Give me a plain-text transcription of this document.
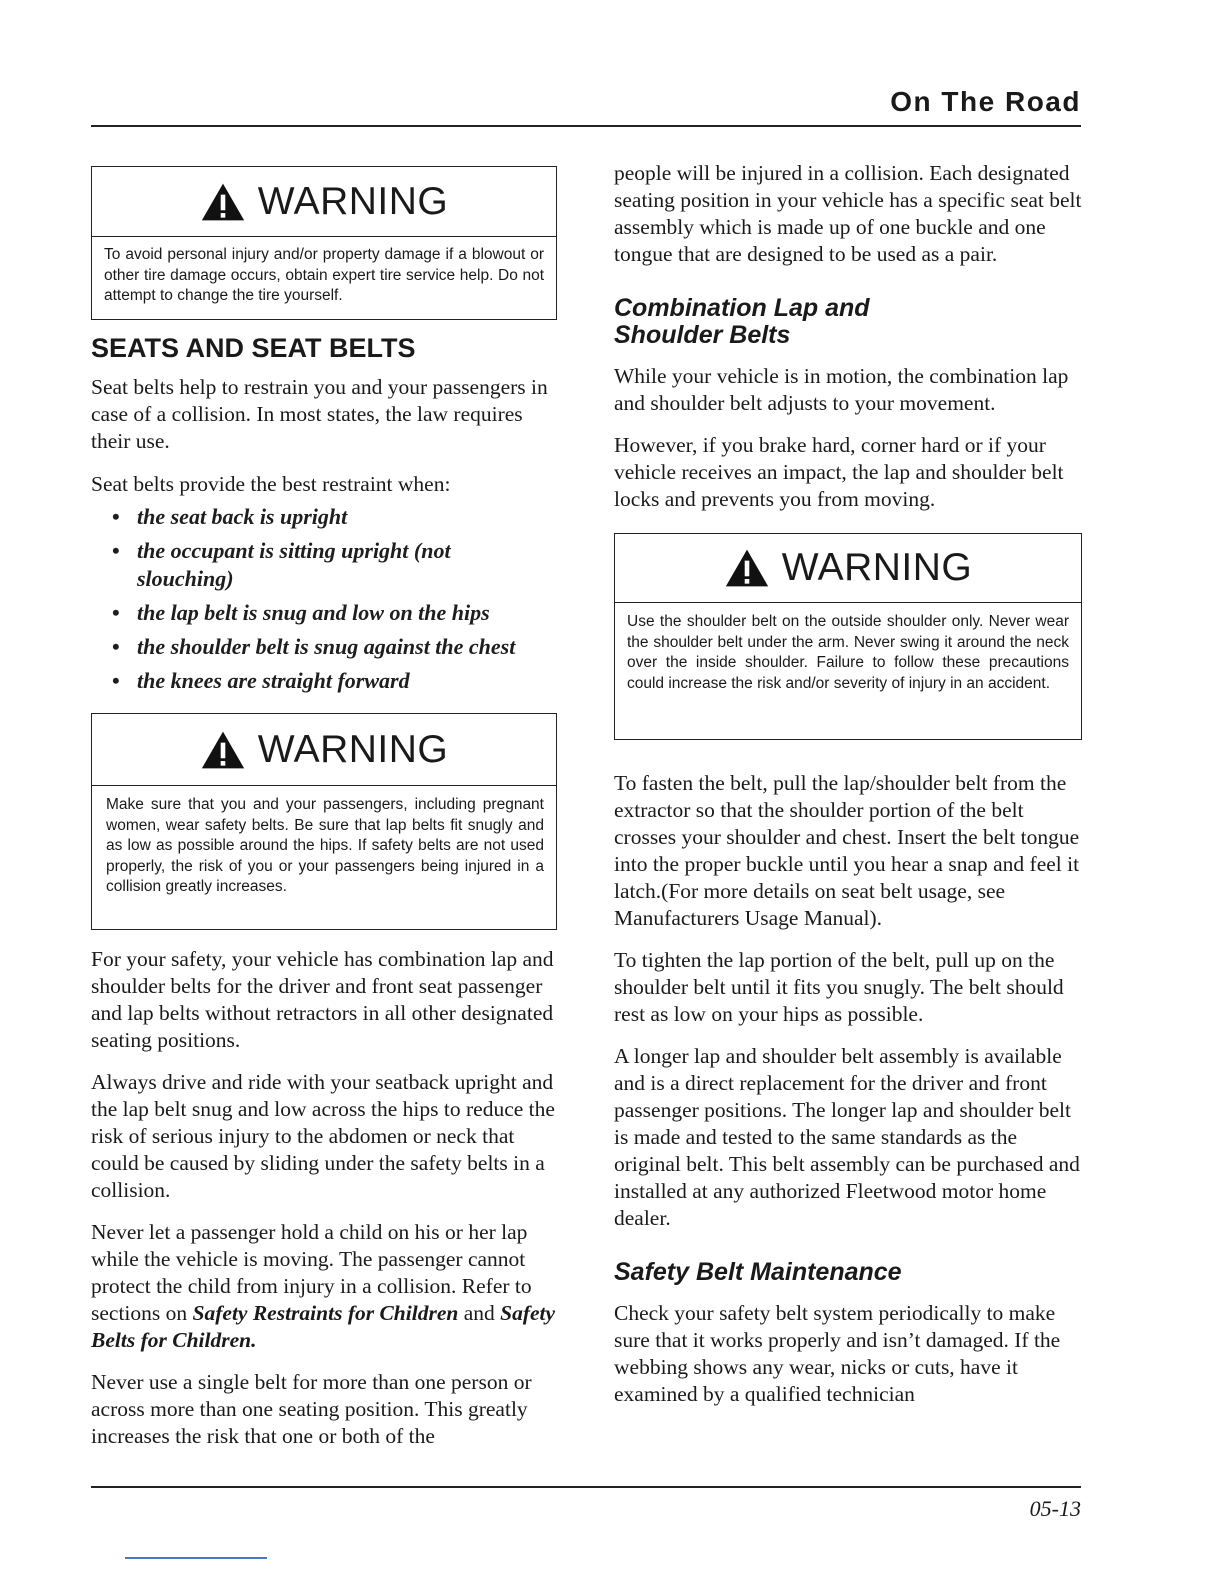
On The Road
WARNING
To avoid personal injury and/or property damage if a blowout or other tire damage occurs, obtain expert tire service help. Do not attempt to change the tire yourself.
SEATS AND SEAT BELTS

Seat belts help to restrain you and your passengers in case of a collision. In most states, the law requires their use.

Seat belts provide the best restraint when:

• the seat back is upright
• the occupant is sitting upright (not slouching)
• the lap belt is snug and low on the hips
• the shoulder belt is snug against the chest
• the knees are straight forward
WARNING
Make sure that you and your passengers, including pregnant women, wear safety belts. Be sure that lap belts fit snugly and as low as possible around the hips. If safety belts are not used properly, the risk of you or your passengers being injured in a collision greatly increases.

For your safety, your vehicle has combination lap and shoulder belts for the driver and front seat passenger and lap belts without retractors in all other designated seating positions.

Always drive and ride with your seatback upright and the lap belt snug and low across the hips to reduce the risk of serious injury to the abdomen or neck that could be caused by sliding under the safety belts in a collision.

Never let a passenger hold a child on his or her lap while the vehicle is moving. The passenger cannot protect the child from injury in a collision. Refer to sections on Safety Restraints for Children and Safety Belts for Children.

Never use a single belt for more than one person or across more than one seating position. This greatly increases the risk that one or both of the

people will be injured in a collision. Each designated seating position in your vehicle has a specific seat belt assembly which is made up of one buckle and one tongue that are designed to be used as a pair.

Combination Lap and Shoulder Belts

While your vehicle is in motion, the combination lap and shoulder belt adjusts to your movement.

However, if you brake hard, corner hard or if your vehicle receives an impact, the lap and shoulder belt locks and prevents you from moving.

WARNING
Use the shoulder belt on the outside shoulder only. Never wear the shoulder belt under the arm. Never swing it around the neck over the inside shoulder. Failure to follow these precautions could increase the risk and/or severity of injury in an accident.

To fasten the belt, pull the lap/shoulder belt from the extractor so that the shoulder portion of the belt crosses your shoulder and chest. Insert the belt tongue into the proper buckle until you hear a snap and feel it latch.(For more details on seat belt usage, see Manufacturers Usage Manual).

To tighten the lap portion of the belt, pull up on the shoulder belt until it fits you snugly. The belt should rest as low on your hips as possible.

A longer lap and shoulder belt assembly is available and is a direct replacement for the driver and front passenger positions. The longer lap and shoulder belt is made and tested to the same standards as the original belt. This belt assembly can be purchased and installed at any authorized Fleetwood motor home dealer.

Safety Belt Maintenance

Check your safety belt system periodically to make sure that it works properly and isn’t damaged. If the webbing shows any wear, nicks or cuts, have it examined by a qualified technician

05-13
